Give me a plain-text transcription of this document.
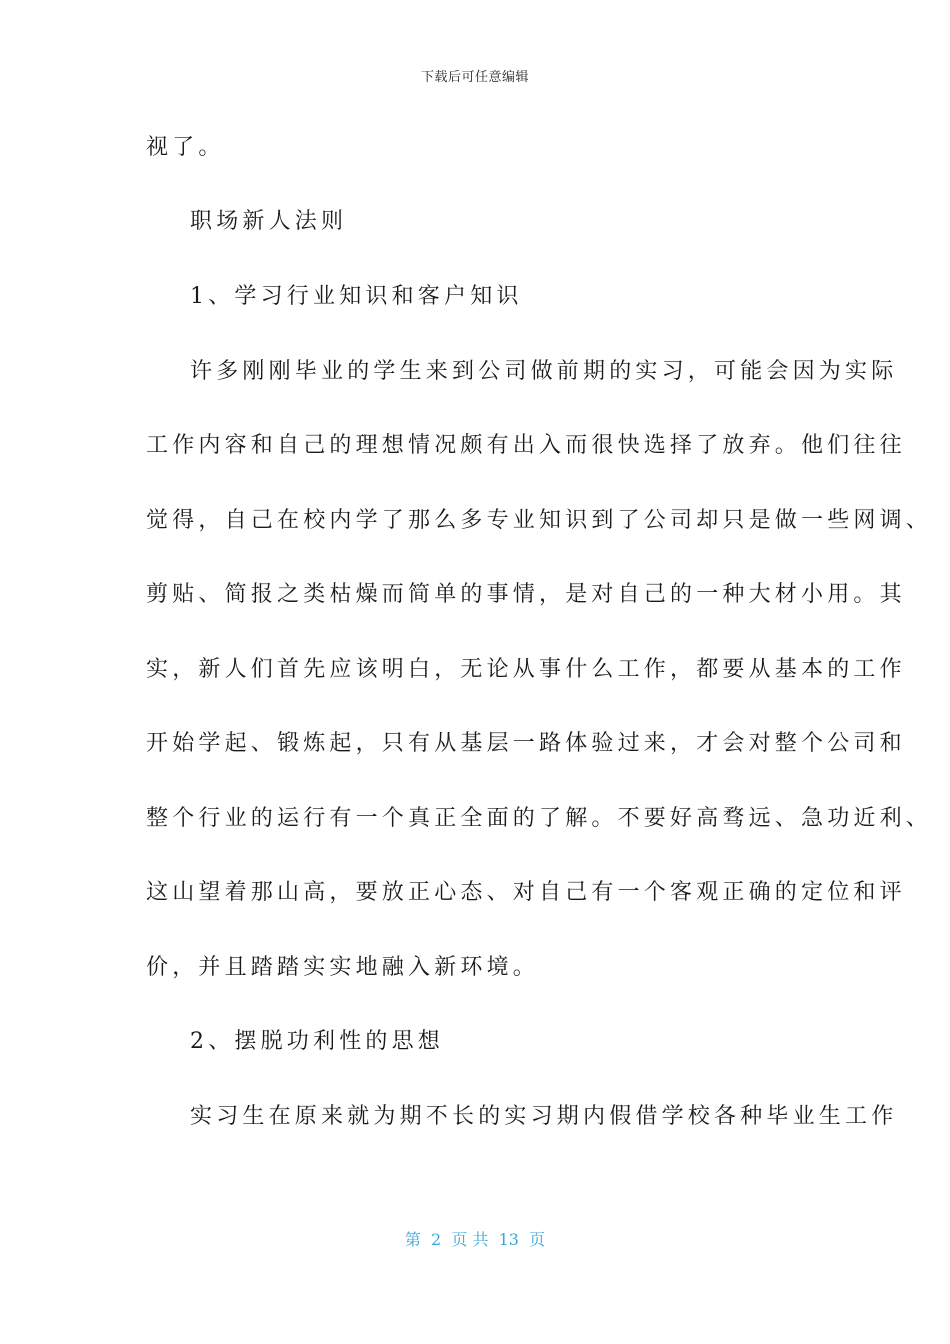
下载后可任意编辑
视了。
职场新人法则
1、学习行业知识和客户知识
许多刚刚毕业的学生来到公司做前期的实习，可能会因为实际
工作内容和自己的理想情况颇有出入而很快选择了放弃。他们往往
觉得，自己在校内学了那么多专业知识到了公司却只是做一些网调、
剪贴、简报之类枯燥而简单的事情，是对自己的一种大材小用。其
实，新人们首先应该明白，无论从事什么工作，都要从基本的工作
开始学起、锻炼起，只有从基层一路体验过来，才会对整个公司和
整个行业的运行有一个真正全面的了解。不要好高骛远、急功近利、
这山望着那山高，要放正心态、对自己有一个客观正确的定位和评
价，并且踏踏实实地融入新环境。
2、摆脱功利性的思想
实习生在原来就为期不长的实习期内假借学校各种毕业生工作
第  2  页 共  13  页
